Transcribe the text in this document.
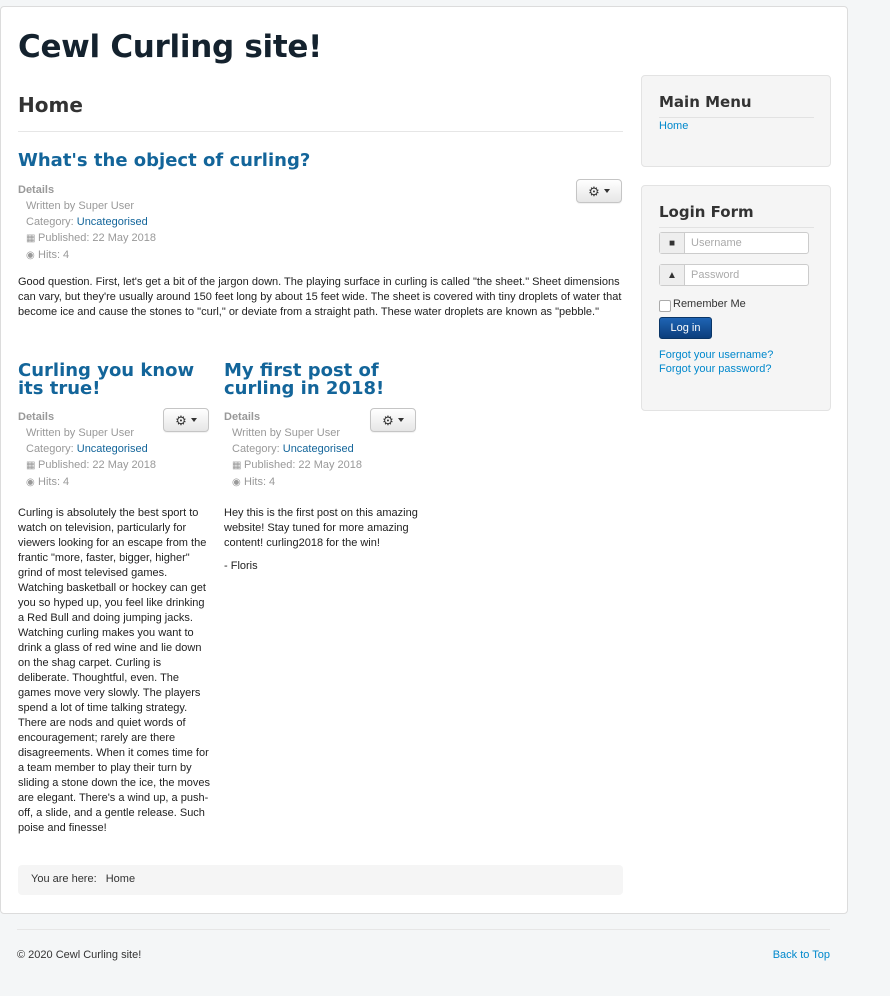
Cewl Curling site!
Home
What's the object of curling?
⚙
Details
Written by Super User
Category: Uncategorised
▦ Published: 22 May 2018
◉ Hits: 4

Good question. First, let's get a bit of the jargon down. The playing surface in curling is called "the sheet." Sheet dimensions can vary, but they're usually around 150 feet long by about 15 feet wide. The sheet is covered with tiny droplets of water that become ice and cause the stones to "curl," or deviate from a straight path. These water droplets are known as "pebble."

Curling you know its true!
⚙
Details
Written by Super User
Category: Uncategorised
▦ Published: 22 May 2018
◉ Hits: 4

Curling is absolutely the best sport to watch on television, particularly for viewers looking for an escape from the frantic "more, faster, bigger, higher" grind of most televised games. Watching basketball or hockey can get you so hyped up, you feel like drinking a Red Bull and doing jumping jacks. Watching curling makes you want to drink a glass of red wine and lie down on the shag carpet. Curling is deliberate. Thoughtful, even. The games move very slowly. The players spend a lot of time talking strategy. There are nods and quiet words of encouragement; rarely are there disagreements. When it comes time for a team member to play their turn by sliding a stone down the ice, the moves are elegant. There's a wind up, a push-off, a slide, and a gentle release. Such poise and finesse!

My first post of curling in 2018!
⚙
Details
Written by Super User
Category: Uncategorised
▦ Published: 22 May 2018
◉ Hits: 4

Hey this is the first post on this amazing website! Stay tuned for more amazing content! curling2018 for the win!

- Floris

You are here: Home
Main Menu
Home
Login Form
■
Username
▲
Remember Me
Log in
Forgot your username?
Forgot your password?
© 2020 Cewl Curling site!	Back to Top
